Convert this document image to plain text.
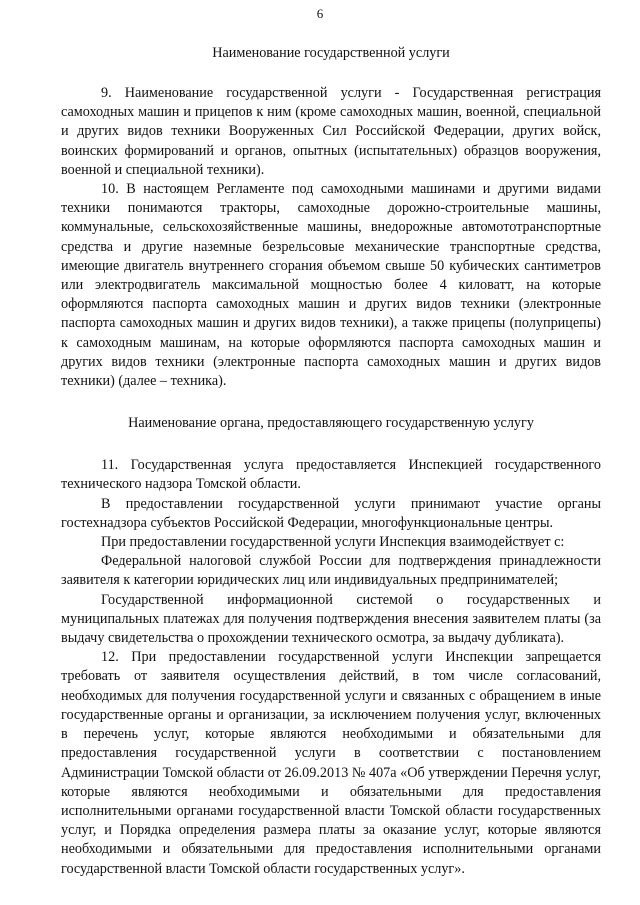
6

Наименование государственной услуги

9. Наименование государственной услуги - Государственная регистрация самоходных машин и прицепов к ним (кроме самоходных машин, военной, специальной и других видов техники Вооруженных Сил Российской Федерации, других войск, воинских формирований и органов, опытных (испытательных) образцов вооружения, военной и специальной техники).

10. В настоящем Регламенте под самоходными машинами и другими видами техники понимаются тракторы, самоходные дорожно-строительные машины, коммунальные, сельскохозяйственные машины, внедорожные автомототранспортные средства и другие наземные безрельсовые механические транспортные средства, имеющие двигатель внутреннего сгорания объемом свыше 50 кубических сантиметров или электродвигатель максимальной мощностью более 4 киловатт, на которые оформляются паспорта самоходных машин и других видов техники (электронные паспорта самоходных машин и других видов техники), а также прицепы (полуприцепы) к самоходным машинам, на которые оформляются паспорта самоходных машин и других видов техники (электронные паспорта самоходных машин и других видов техники) (далее – техника).

Наименование органа, предоставляющего государственную услугу

11. Государственная услуга предоставляется Инспекцией государственного технического надзора Томской области.

В предоставлении государственной услуги принимают участие органы гостехнадзора субъектов Российской Федерации, многофункциональные центры.

При предоставлении государственной услуги Инспекция взаимодействует с:

Федеральной налоговой службой России для подтверждения принадлежности заявителя к категории юридических лиц или индивидуальных предпринимателей;

Государственной информационной системой о государственных и муниципальных платежах для получения подтверждения внесения заявителем платы (за выдачу свидетельства о прохождении технического осмотра, за выдачу дубликата).

12. При предоставлении государственной услуги Инспекции запрещается требовать от заявителя осуществления действий, в том числе согласований, необходимых для получения государственной услуги и связанных с обращением в иные государственные органы и организации, за исключением получения услуг, включенных в перечень услуг, которые являются необходимыми и обязательными для предоставления государственной услуги в соответствии с постановлением Администрации Томской области от 26.09.2013 № 407а «Об утверждении Перечня услуг, которые являются необходимыми и обязательными для предоставления исполнительными органами государственной власти Томской области государственных услуг, и Порядка определения размера платы за оказание услуг, которые являются необходимыми и обязательными для предоставления исполнительными органами государственной власти Томской области государственных услуг».
